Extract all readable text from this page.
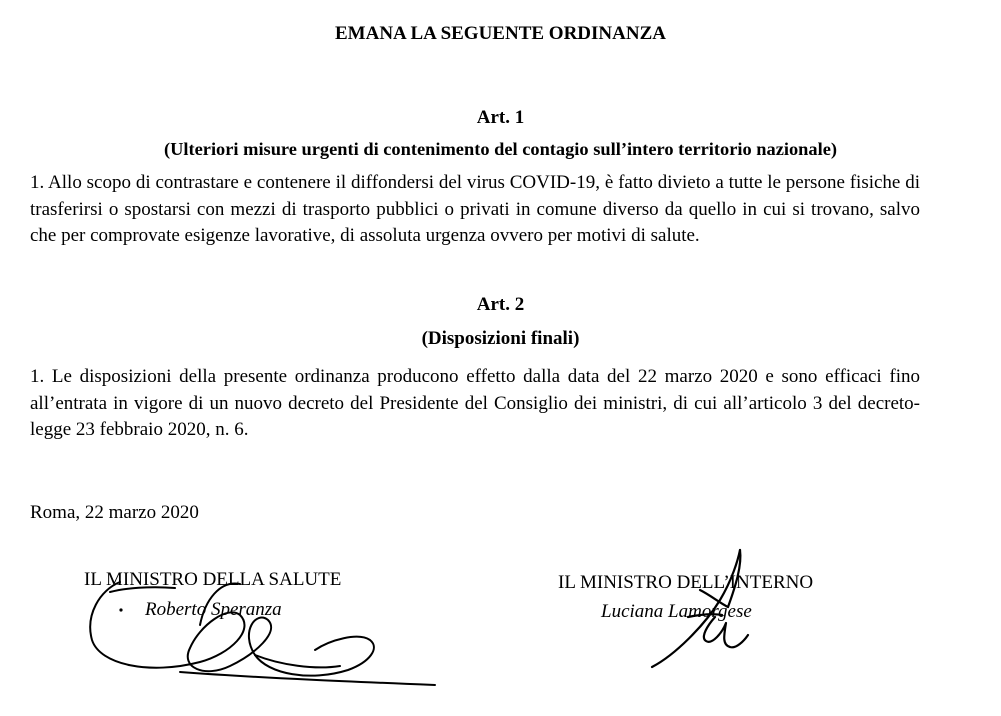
EMANA LA SEGUENTE ORDINANZA
Art. 1
(Ulteriori misure urgenti di contenimento del contagio sull’intero territorio nazionale)
1. Allo scopo di contrastare e contenere il diffondersi del virus COVID-19, è fatto divieto a tutte le persone fisiche di trasferirsi o spostarsi con mezzi di trasporto pubblici o privati in comune diverso da quello in cui si trovano, salvo che per comprovate esigenze lavorative, di assoluta urgenza ovvero per motivi di salute.
Art. 2
(Disposizioni finali)
1. Le disposizioni della presente ordinanza producono effetto dalla data del 22 marzo 2020 e sono efficaci fino all’entrata in vigore di un nuovo decreto del Presidente del Consiglio dei ministri, di cui all’articolo 3 del decreto-legge 23 febbraio 2020, n. 6.
Roma, 22 marzo 2020
IL MINISTRO DELLA SALUTE
Roberto Speranza
IL MINISTRO DELL’INTERNO
Luciana Lamorgese
